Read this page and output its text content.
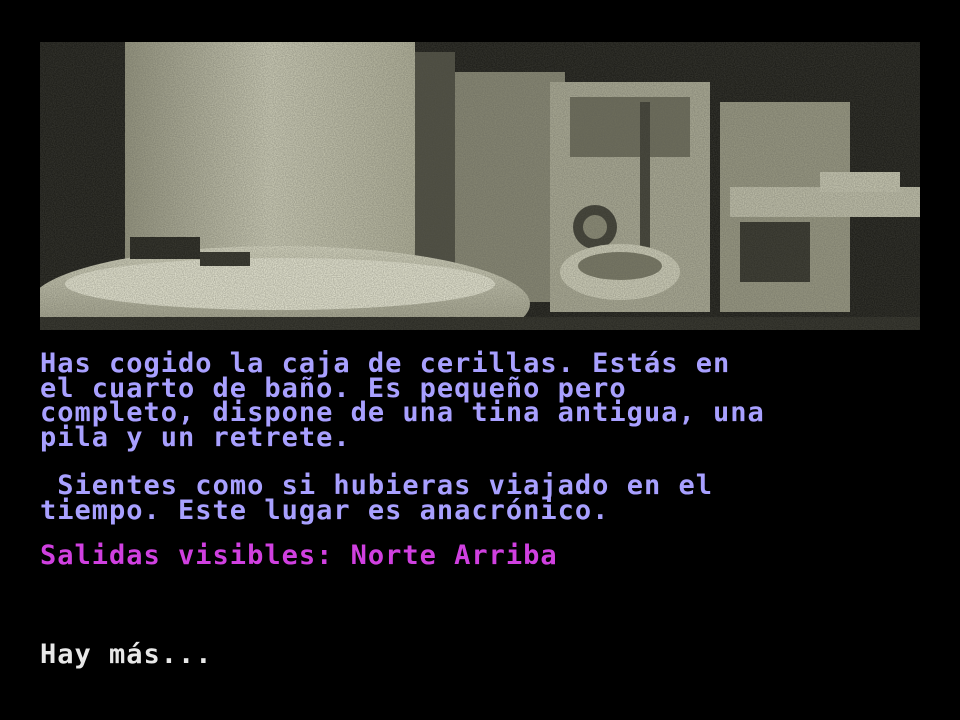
Has cogido la caja de cerillas. Estás en
el cuarto de baño. Es pequeño pero
completo, dispone de una tina antigua, una
pila y un retrete.

Sientes como si hubieras viajado en el
tiempo. Este lugar es anacrónico.

Salidas visibles: Norte Arriba

Hay más...
